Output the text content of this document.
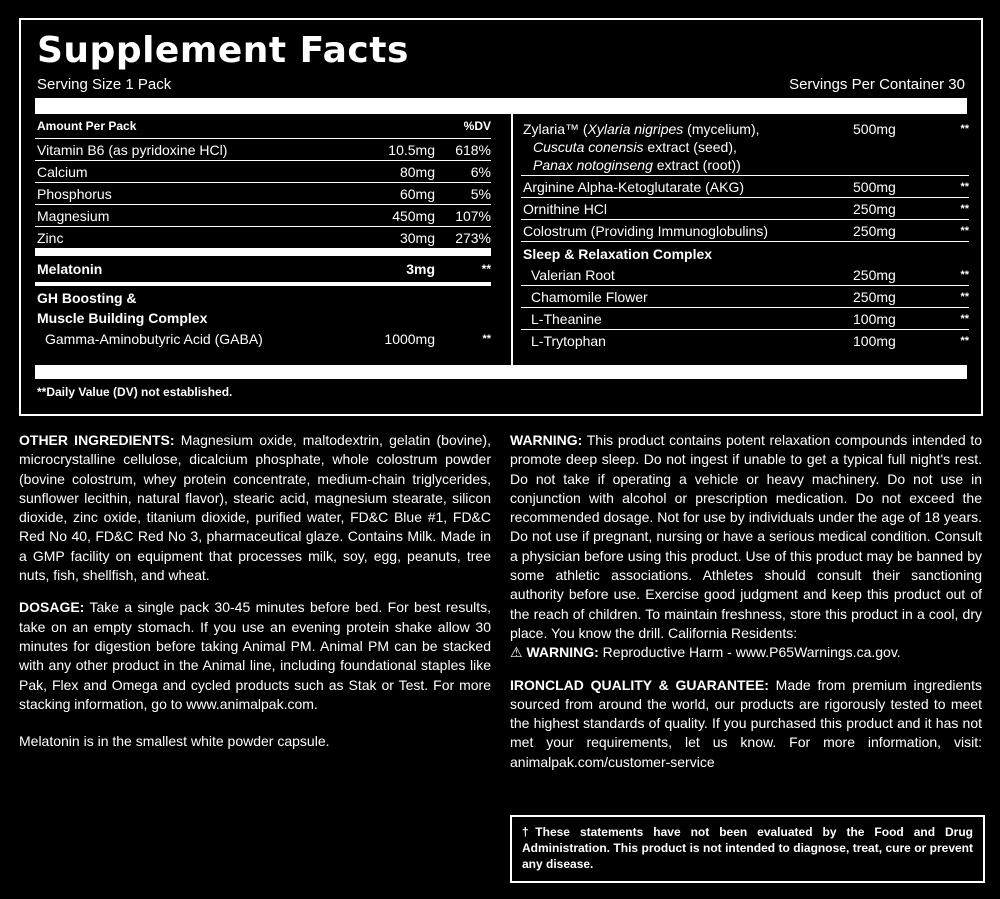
Supplement Facts
Serving Size 1 Pack	Servings Per Container 30
Amount Per Pack	%DV
Vitamin B6 (as pyridoxine HCl)	10.5mg	618%
Calcium	80mg	6%
Phosphorus	60mg	5%
Magnesium	450mg	107%
Zinc	30mg	273%
Melatonin	3mg	**
GH Boosting &
Muscle Building Complex
Gamma-Aminobutyric Acid (GABA)	1000mg	**
Zylaria™ (Xylaria nigripes (mycelium),
Cuscuta conensis extract (seed),
Panax notoginseng extract (root))
500mg	**
Arginine Alpha-Ketoglutarate (AKG)	500mg	**
Ornithine HCl	250mg	**
Colostrum (Providing Immunoglobulins)	250mg	**
Sleep & Relaxation Complex
Valerian Root	250mg	**
Chamomile Flower	250mg	**
L-Theanine	100mg	**
L-Trytophan	100mg	**
**Daily Value (DV) not established.

OTHER INGREDIENTS: Magnesium oxide, maltodextrin, gelatin (bovine), microcrystalline cellulose, dicalcium phosphate, whole colostrum powder (bovine colostrum, whey protein concentrate, medium-chain triglycerides, sunflower lecithin, natural flavor), stearic acid, magnesium stearate, silicon dioxide, zinc oxide, titanium dioxide, purified water, FD&C Blue #1, FD&C Red No 40, FD&C Red No 3, pharmaceutical glaze. Contains Milk. Made in a GMP facility on equipment that processes milk, soy, egg, peanuts, tree nuts, fish, shellfish, and wheat.

DOSAGE: Take a single pack 30-45 minutes before bed. For best results, take on an empty stomach. If you use an evening protein shake allow 30 minutes for digestion before taking Animal PM. Animal PM can be stacked with any other product in the Animal line, including foundational staples like Pak, Flex and Omega and cycled products such as Stak or Test. For more stacking information, go to www.animalpak.com.

Melatonin is in the smallest white powder capsule.

WARNING: This product contains potent relaxation compounds intended to promote deep sleep. Do not ingest if unable to get a typical full night's rest. Do not take if operating a vehicle or heavy machinery. Do not use in conjunction with alcohol or prescription medication. Do not exceed the recommended dosage. Not for use by individuals under the age of 18 years. Do not use if pregnant, nursing or have a serious medical condition. Consult a physician before using this product. Use of this product may be banned by some athletic associations. Athletes should consult their sanctioning authority before use. Exercise good judgment and keep this product out of the reach of children. To maintain freshness, store this product in a cool, dry place. You know the drill. California Residents:
⚠ WARNING: Reproductive Harm - www.P65Warnings.ca.gov.

IRONCLAD QUALITY & GUARANTEE: Made from premium ingredients sourced from around the world, our products are rigorously tested to meet the highest standards of quality. If you purchased this product and it has not met your requirements, let us know. For more information, visit: animalpak.com/customer-service

†These statements have not been evaluated by the Food and Drug Administration. This product is not intended to diagnose, treat, cure or prevent any disease.
